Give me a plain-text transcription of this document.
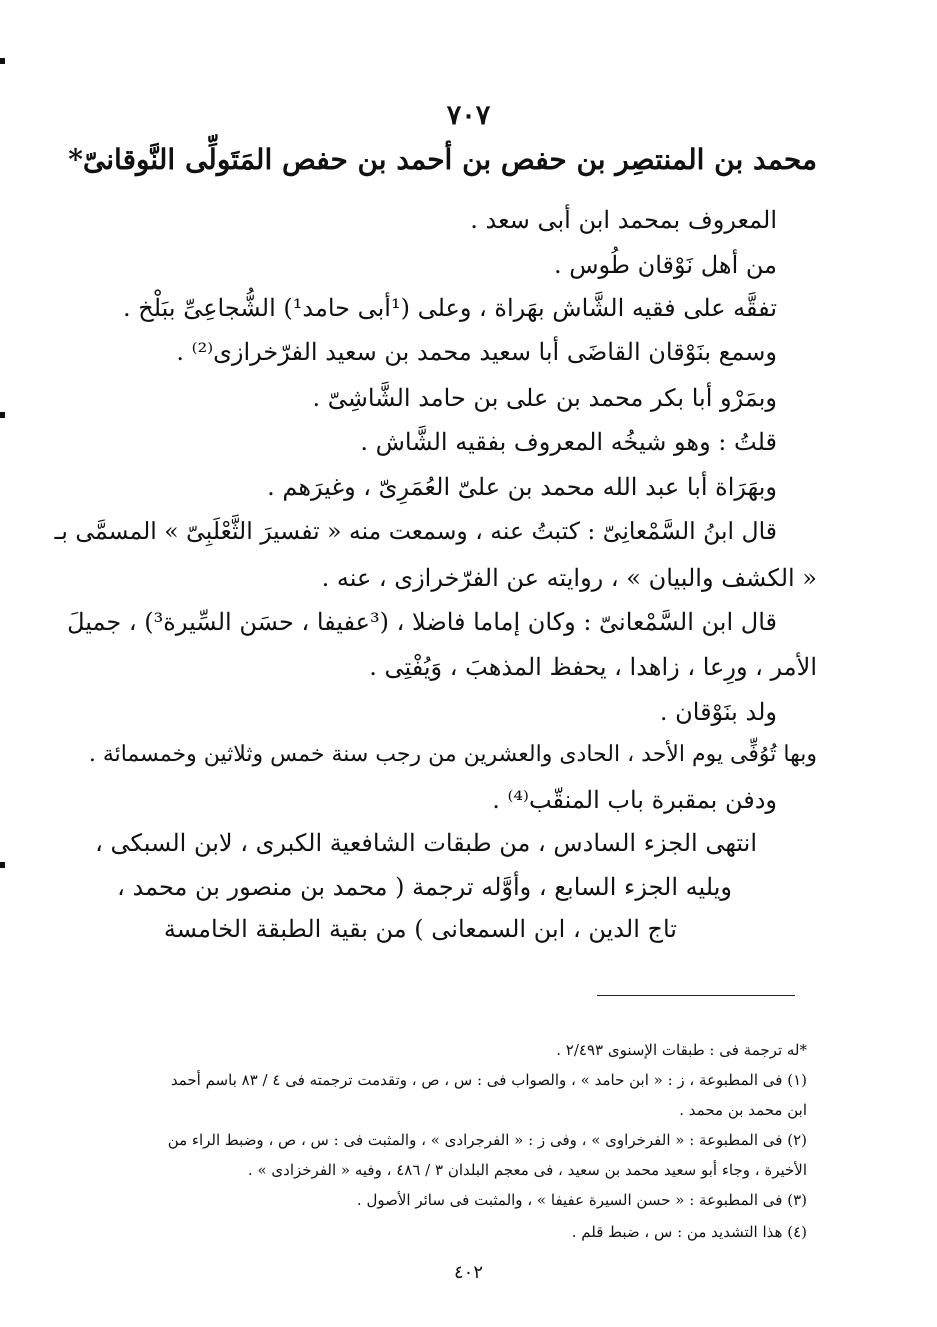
٧٠٧
محمد بن المنتصِر بن حفص بن أحمد بن حفص المَتَولِّى النَّوقانىّ*
المعروف بمحمد ابن أبى سعد .
من أهل نَوْقان طُوس .
تفقَّه على فقيه الشَّاش بهَراة ، وعلى (¹أبى حامد¹) الشُّجاعِىِّ ببَلْخ .
وسمع بنَوْقان القاضَى أبا سعيد محمد بن سعيد الفرّخرازى⁽²⁾ .
وبمَرْو أبا بكر محمد بن على بن حامد الشَّاشِىّ .
قلتُ : وهو شيخُه المعروف بفقيه الشَّاش .
وبهَرَاة أبا عبد الله محمد بن علىّ العُمَرِىّ ، وغيرَهم .
قال ابنُ السَّمْعانِىّ : كتبتُ عنه ، وسمعت منه « تفسيرَ الثَّعْلَبِىّ » المسمَّى بـ
« الكشف والبيان » ، روايته عن الفرّخرازى ، عنه .
قال ابن السَّمْعانىّ : وكان إماما فاضلا ، (³عفيفا ، حسَن السِّيرة³) ، جميلَ
الأمر ، ورِعا ، زاهدا ، يحفظ المذهبَ ، وَيُفْتِى .
ولد بنَوْقان .
وبها تُوُفِّى يوم الأحد ، الحادى والعشرين من رجب سنة خمس وثلاثين وخمسمائة .
ودفن بمقبرة باب المنقّب⁽⁴⁾ .
انتهى الجزء السادس ، من طبقات الشافعية الكبرى ، لابن السبكى ،
ويليه الجزء السابع ، وأوَّله ترجمة ( محمد بن منصور بن محمد ،
تاج الدين ، ابن السمعانى ) من بقية الطبقة الخامسة
*له ترجمة فى : طبقات الإسنوى ٢/٤٩٣ .
(١) فى المطبوعة ، ز : « ابن حامد » ، والصواب فى : س ، ص ، وتقدمت ترجمته فى ٤ / ٨٣ باسم أحمد
ابن محمد بن محمد .
(٢) فى المطبوعة : « الفرخراوى » ، وفى ز : « الفرجرادى » ، والمثبت فى : س ، ص ، وضبط الراء من
الأخيرة ، وجاء أبو سعيد محمد بن سعيد ، فى معجم البلدان ٣ / ٤٨٦ ، وفيه « الفرخزادى » .
(٣) فى المطبوعة : « حسن السيرة عفيفا » ، والمثبت فى سائر الأصول .
(٤) هذا التشديد من : س ، ضبط قلم .
٤٠٢
